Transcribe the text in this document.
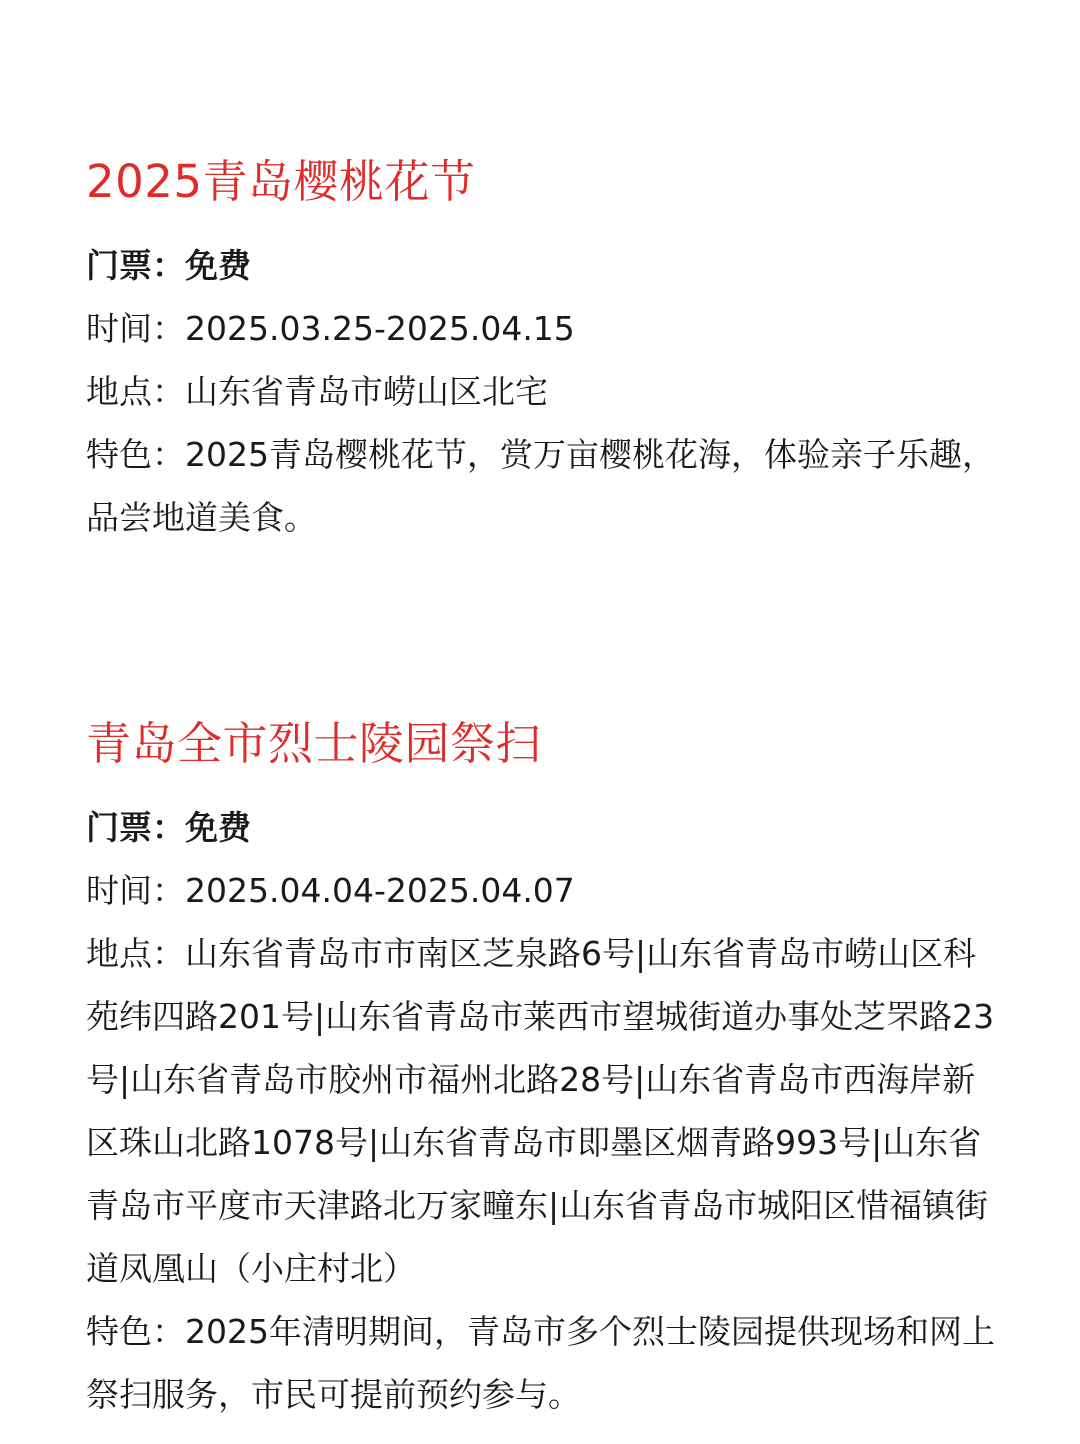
2025青岛樱桃花节

门票：免费

时间：2025.03.25-2025.04.15

地点：山东省青岛市崂山区北宅

特色：2025青岛樱桃花节，赏万亩樱桃花海，体验亲子乐趣，品尝地道美食。

青岛全市烈士陵园祭扫

门票：免费

时间：2025.04.04-2025.04.07

地点：山东省青岛市市南区芝泉路6号|山东省青岛市崂山区科苑纬四路201号|山东省青岛市莱西市望城街道办事处芝罘路23号|山东省青岛市胶州市福州北路28号|山东省青岛市西海岸新区珠山北路1078号|山东省青岛市即墨区烟青路993号|山东省青岛市平度市天津路北万家疃东|山东省青岛市城阳区惜福镇街道凤凰山（小庄村北）

特色：2025年清明期间，青岛市多个烈士陵园提供现场和网上祭扫服务，市民可提前预约参与。
